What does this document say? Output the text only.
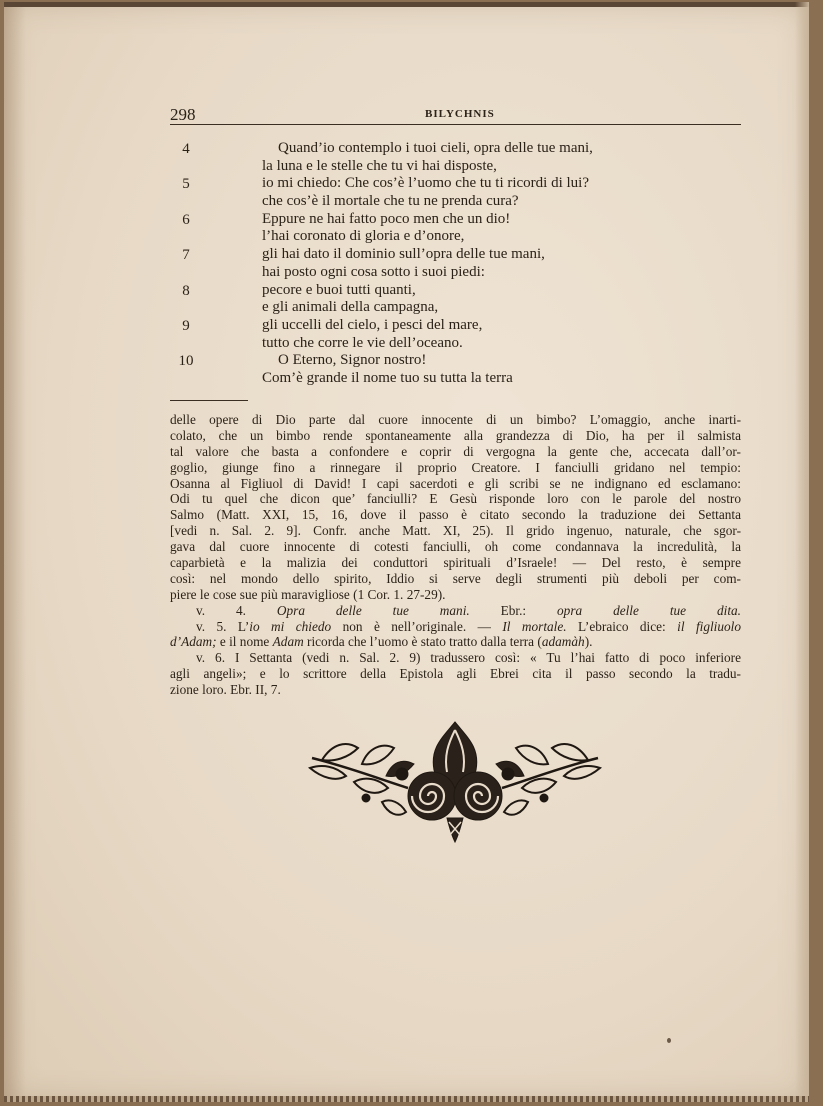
298	BILYCHNIS
4	Quand’io contemplo i tuoi cieli, opra delle tue mani,
la luna e le stelle che tu vi hai disposte,
5	io mi chiedo: Che cos’è l’uomo che tu ti ricordi di lui?
che cos’è il mortale che tu ne prenda cura?
6	Eppure ne hai fatto poco men che un dio!
l’hai coronato di gloria e d’onore,
7	gli hai dato il dominio sull’opra delle tue mani,
hai posto ogni cosa sotto i suoi piedi:
8	pecore e buoi tutti quanti,
e gli animali della campagna,
9	gli uccelli del cielo, i pesci del mare,
tutto che corre le vie dell’oceano.
10	O Eterno, Signor nostro!
Com’è grande il nome tuo su tutta la terra
delle opere di Dio parte dal cuore innocente di un bimbo? L’omaggio, anche inarti-
colato, che un bimbo rende spontaneamente alla grandezza di Dio, ha per il salmista
tal valore che basta a confondere e coprir di vergogna la gente che, accecata dall’or-
goglio, giunge fino a rinnegare il proprio Creatore. I fanciulli gridano nel tempio:
Osanna al Figliuol di David! I capi sacerdoti e gli scribi se ne indignano ed esclamano:
Odi tu quel che dicon que’ fanciulli? E Gesù risponde loro con le parole del nostro
Salmo (Matt. XXI, 15, 16, dove il passo è citato secondo la traduzione dei Settanta
[vedi n. Sal. 2. 9]. Confr. anche Matt. XI, 25). Il grido ingenuo, naturale, che sgor-
gava dal cuore innocente di cotesti fanciulli, oh come condannava la incredulità, la
caparbietà e la malizia dei conduttori spirituali d’Israele! — Del resto, è sempre
così: nel mondo dello spirito, Iddio si serve degli strumenti più deboli per com-
piere le cose sue più maravigliose (1 Cor. 1. 27-29).
v. 4. Opra delle tue mani. Ebr.: opra delle tue dita.
v. 5. L’io mi chiedo non è nell’originale. — Il mortale. L’ebraico dice: il figliuolo
d’Adam; e il nome Adam ricorda che l’uomo è stato tratto dalla terra (adamàh).
v. 6. I Settanta (vedi n. Sal. 2. 9) tradussero così: « Tu l’hai fatto di poco inferiore
agli angeli»; e lo scrittore della Epistola agli Ebrei cita il passo secondo la tradu-
zione loro. Ebr. II, 7.
